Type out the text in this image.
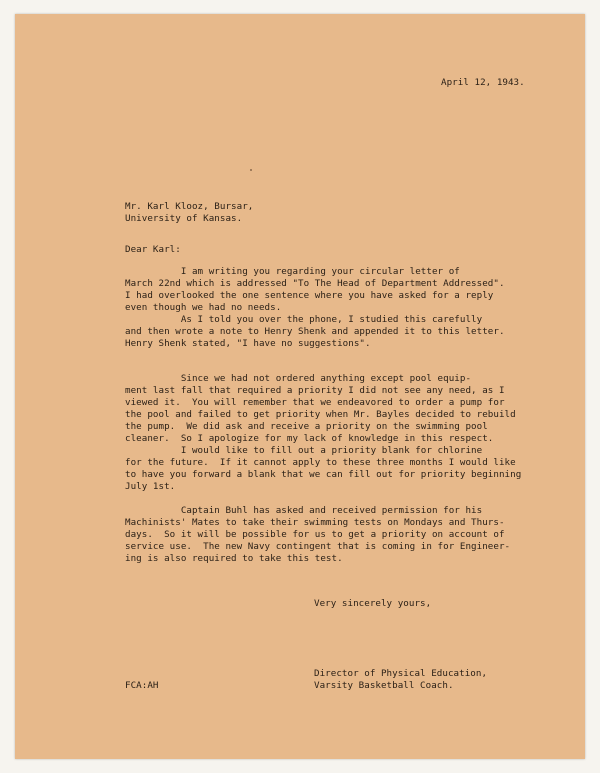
April 12, 1943.
Mr. Karl Klooz, Bursar,
University of Kansas.
Dear Karl:
I am writing you regarding your circular letter of
March 22nd which is addressed "To The Head of Department Addressed".
I had overlooked the one sentence where you have asked for a reply
even though we had no needs.
As I told you over the phone, I studied this carefully
and then wrote a note to Henry Shenk and appended it to this letter.
Henry Shenk stated, "I have no suggestions".
Since we had not ordered anything except pool equip-
ment last fall that required a priority I did not see any need, as I
viewed it.  You will remember that we endeavored to order a pump for
the pool and failed to get priority when Mr. Bayles decided to rebuild
the pump.  We did ask and receive a priority on the swimming pool
cleaner.  So I apologize for my lack of knowledge in this respect.
I would like to fill out a priority blank for chlorine
for the future.  If it cannot apply to these three months I would like
to have you forward a blank that we can fill out for priority beginning
July 1st.
Captain Buhl has asked and received permission for his
Machinists' Mates to take their swimming tests on Mondays and Thurs-
days.  So it will be possible for us to get a priority on account of
service use.  The new Navy contingent that is coming in for Engineer-
ing is also required to take this test.
Very sincerely yours,
FCA:AH
Director of Physical Education,
Varsity Basketball Coach.
